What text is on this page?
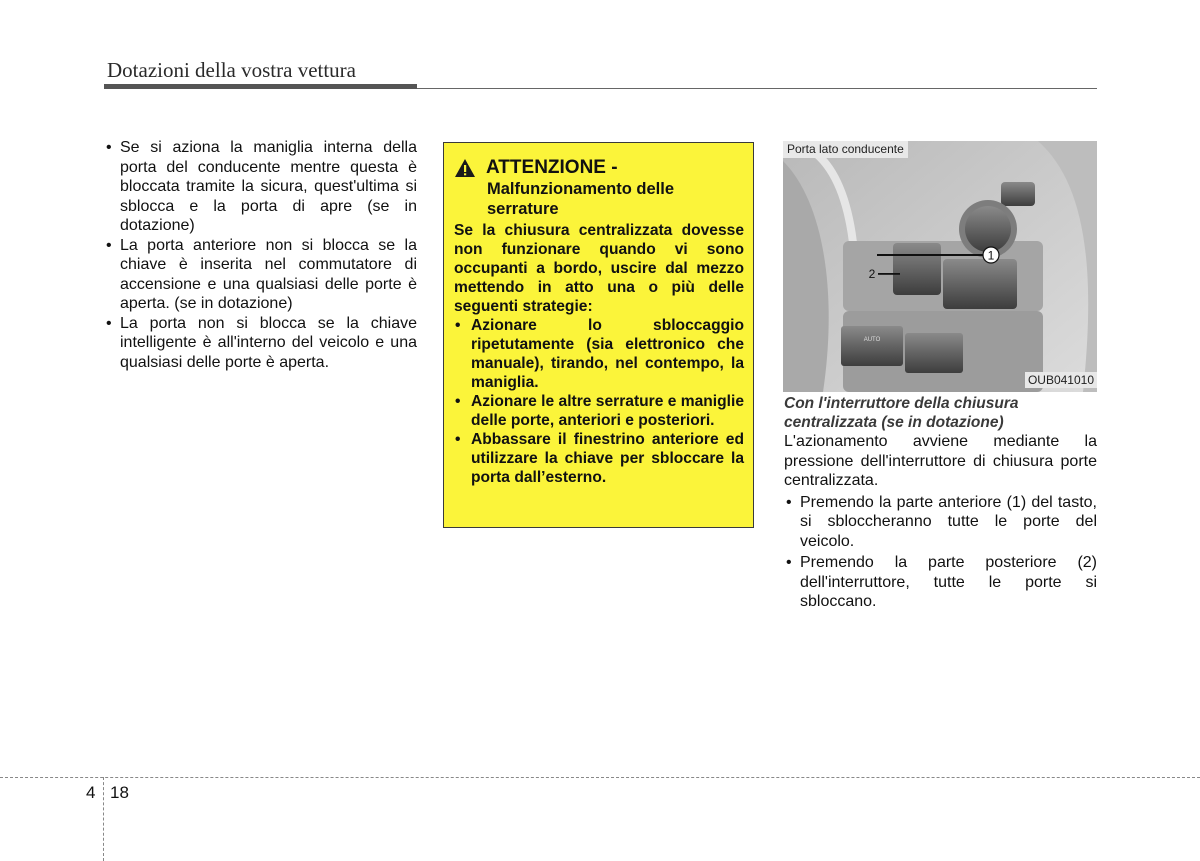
Dotazioni della vostra vettura
• Se si aziona la maniglia interna della porta del conducente mentre questa è bloccata tramite la sicura, quest'ultima si sblocca e la porta di apre (se in dotazione)
• La porta anteriore non si blocca se la chiave è inserita nel commutatore di accensione e una qualsiasi delle porte è aperta. (se in dotazione)
• La porta non si blocca se la chiave intelligente è all'interno del veicolo e una qualsiasi delle porte è aperta.
ATTENZIONE -
Malfunzionamento delle serrature
Se la chiusura centralizzata dovesse non funzionare quando vi sono occupanti a bordo, uscire dal mezzo mettendo in atto una o più delle seguenti strategie:
• Azionare lo sbloccaggio ripetutamente (sia elettronico che manuale), tirando, nel contempo, la maniglia.
• Azionare le altre serrature e maniglie delle porte, anteriori e posteriori.
• Abbassare il finestrino anteriore ed utilizzare la chiave per sbloccare la porta dall’esterno.
1
2
AUTO
Porta lato conducente
OUB041010
Con l'interruttore della chiusura centralizzata (se in dotazione)

L'azionamento avviene mediante la pressione dell'interruttore di chiusura porte centralizzata.

• Premendo la parte anteriore (1) del tasto, si sbloccheranno tutte le porte del veicolo.
• Premendo la parte posteriore (2) dell'interruttore, tutte le porte si sbloccano.
4 18
